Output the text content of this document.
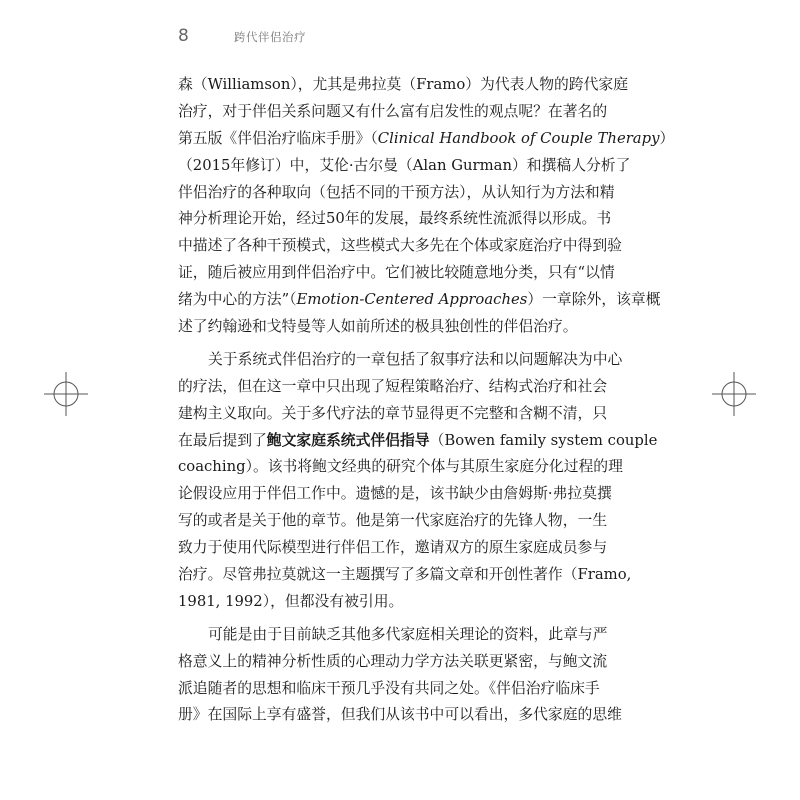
8	跨代伴侣治疗
森（Williamson），尤其是弗拉莫（Framo）为代表人物的跨代家庭
治疗，对于伴侣关系问题又有什么富有启发性的观点呢？在著名的
第五版《伴侣治疗临床手册》（Clinical Handbook of Couple Therapy）
（2015年修订）中，艾伦·古尔曼（Alan Gurman）和撰稿人分析了
伴侣治疗的各种取向（包括不同的干预方法），从认知行为方法和精
神分析理论开始，经过50年的发展，最终系统性流派得以形成。书
中描述了各种干预模式，这些模式大多先在个体或家庭治疗中得到验
证，随后被应用到伴侣治疗中。它们被比较随意地分类，只有“以情
绪为中心的方法”（Emotion-Centered Approaches）一章除外，该章概
述了约翰逊和戈特曼等人如前所述的极具独创性的伴侣治疗。
关于系统式伴侣治疗的一章包括了叙事疗法和以问题解决为中心
的疗法，但在这一章中只出现了短程策略治疗、结构式治疗和社会
建构主义取向。关于多代疗法的章节显得更不完整和含糊不清，只
在最后提到了鲍文家庭系统式伴侣指导（Bowen family system couple
coaching）。该书将鲍文经典的研究个体与其原生家庭分化过程的理
论假设应用于伴侣工作中。遗憾的是，该书缺少由詹姆斯·弗拉莫撰
写的或者是关于他的章节。他是第一代家庭治疗的先锋人物，一生
致力于使用代际模型进行伴侣工作，邀请双方的原生家庭成员参与
治疗。尽管弗拉莫就这一主题撰写了多篇文章和开创性著作（Framo,
1981, 1992），但都没有被引用。
可能是由于目前缺乏其他多代家庭相关理论的资料，此章与严
格意义上的精神分析性质的心理动力学方法关联更紧密，与鲍文流
派追随者的思想和临床干预几乎没有共同之处。《伴侣治疗临床手
册》在国际上享有盛誉，但我们从该书中可以看出，多代家庭的思维
